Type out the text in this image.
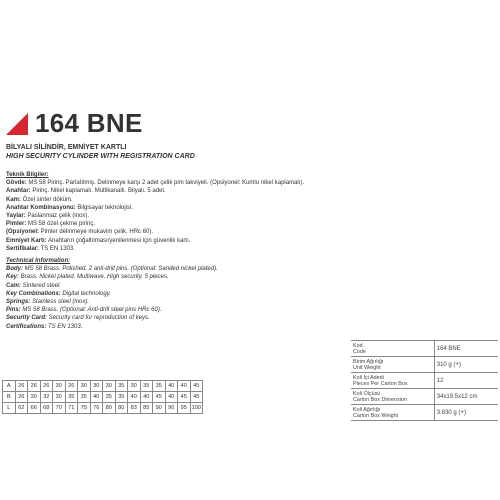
164 BNE
BİLYALI SİLİNDİR, EMNİYET KARTLI
HIGH SECURITY CYLINDER WITH REGISTRATION CARD
Teknik Bilgiler:
Gövde: MS 58 Pirinç. Parlatılmış. Delinmeye karşı 2 adet çelik pim takviyeli. (Opsiyonel: Kumlu nikel kaplamalı).
Anahtar: Pirinç. Nikel kaplamalı. Multikanallı. Bilyalı. 5 adet.
Kam: Özel sinter döküm.
Anahtar Kombinasyonu: Bilgisayar teknolojisi.
Yaylar: Paslanmaz çelik (inox).
Pimler: MS 58 özel çekme pirinç.
(Opsiyonel: Pimler delinmeye mukavim çelik. HRc 60).
Emniyet Kartı: Anahtarın çoğaltılması/yenilenmesi için güvenlik kartı.
Sertifikalar: TS EN 1303.
Technical Information:
Body: MS 58 Brass. Polished. 2 anti-drill pins. (Optional: Sanded nickel plated).
Key: Brass. Nickel plated. Multiwave. High security. 5 pieces.
Cam: Sintered steel.
Key Combinations: Digital technology.
Springs: Stainless steel (inox).
Pins: MS 58 Brass. (Optional: Anti-drill steel pins HRc 60).
Security Card: Security card for reproduction of keys.
Certifications: TS EN 1303.
Kod
Code	164 BNE

Birim Ağırlığı
Unit Weight	310 g (+)

Koli İçi Adedi
Pieces Per Carton Box	12

Koli Ölçüsü
Carton Box Dimension	34x19.5x12 cm

Koli Ağırlığı
Carton Box Weight	3.830 g (+)
A	26	26	26	30	26	30	30	30	35	30	35	35	40	40	45
B	26	30	32	30	35	35	40	35	35	40	40	45	40	45	45
L	62	66	68	70	71	75	76	80	80	83	85	90	90	95	100
